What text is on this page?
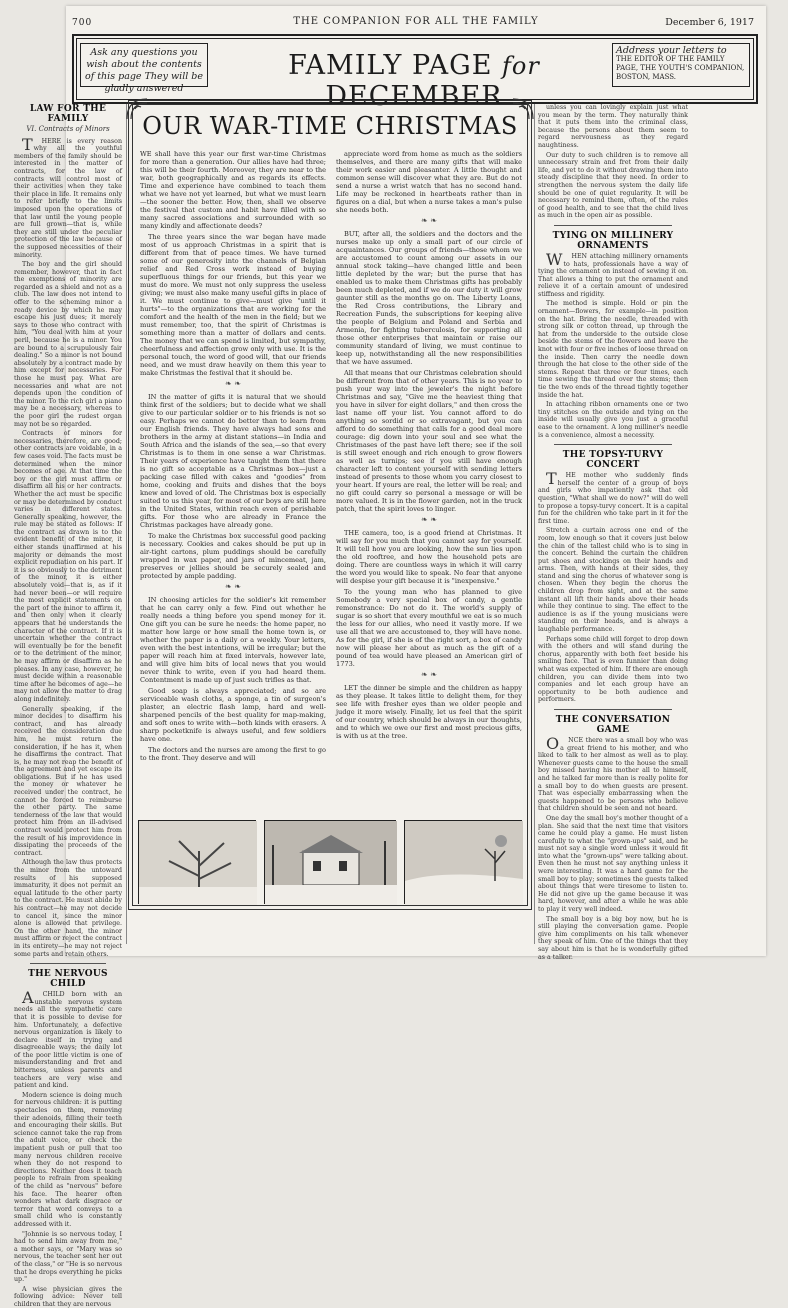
700	THE COMPANION FOR ALL THE FAMILY	December 6, 1917
Ask any questions you wish about the contents of this page They will be gladly answered
FAMILY PAGE for DECEMBER
Address your letters to
THE EDITOR OF THE FAMILY PAGE, THE YOUTH'S COMPANION, BOSTON, MASS.
LAW FOR THE FAMILY
VI. Contracts of Minors

THERE is every reason why all the youthful members of the family should be interested in the matter of contracts, for the law of contracts will control most of their activities when they take their place in life. It remains only to refer briefly to the limits imposed upon the operations of that law until the young people are full grown—that is, while they are still under the peculiar protection of the law because of the supposed necessities of their minority.

The boy and the girl should remember, however, that in fact the exemptions of minority are regarded as a shield and not as a club. The law does not intend to offer to the scheming minor a ready device by which he may escape his just dues; it merely says to those who contract with him, "You deal with him at your peril, because he is a minor. You are bound to a scrupulously fair dealing." So a minor is not bound absolutely by a contract made by him except for necessaries. For those he must pay. What are necessaries and what are not depends upon the condition of the minor. To the rich girl a piano may be a necessary, whereas to the poor girl the rudest organ may not be so regarded.

Contracts of minors for necessaries, therefore, are good; other contracts are voidable, in a few cases void. The facts must be determined when the minor becomes of age. At that time the boy or the girl must affirm or disaffirm all his or her contracts. Whether the act must be specific or may be determined by conduct varies in different states. Generally speaking, however, the rule may be stated as follows: If the contract as drawn is to the evident benefit of the minor, it either stands unaffirmed at his majority or demands the most explicit repudiation on his part. If it is so obviously to the detriment of the minor, it is either absolutely void—that is, as if it had never been—or will require the most explicit statements on the part of the minor to affirm it, and then only when it clearly appears that he understands the character of the contract. If it is uncertain whether the contract will eventually be for the benefit or to the detriment of the minor, he may affirm or disaffirm as he pleases. In any case, however, he must decide within a reasonable time after he becomes of age—he may not allow the matter to drag along indefinitely.

Generally speaking, if the minor decides to disaffirm his contract, and has already received the consideration due him, he must return the consideration, if he has it, when he disaffirms the contract. That is, he may not reap the benefit of the agreement and yet escape its obligations. But if he has used the money or whatever he received under the contract, he cannot be forced to reimburse the other party. The same tenderness of the law that would protect him from an ill-advised contract would protect him from the result of his improvidence in dissipating the proceeds of the contract.

Although the law thus protects the minor from the untoward results of his supposed immaturity, it does not permit an equal latitude to the other party to the contract. He must abide by his contract—he may not decide to cancel it, since the minor alone is allowed that privilege. On the other hand, the minor must affirm or reject the contract in its entirety—he may not reject some parts and retain others.

THE NERVOUS CHILD

ACHILD born with an unstable nervous system needs all the sympathetic care that it is possible to devise for him. Unfortunately, a defective nervous organization is likely to declare itself in trying and disagreeable ways; the daily lot of the poor little victim is one of misunderstanding and fret and bitterness, unless parents and teachers are very wise and patient and kind.

Modern science is doing much for nervous children: it is putting spectacles on them, removing their adenoids, filling their teeth and encouraging their skills. But science cannot take the rap from the adult voice, or check the impatient push or pull that too many nervous children receive when they do not respond to directions. Neither does it teach people to refrain from speaking of the child as "nervous" before his face. The hearer often wonders what dark disgrace or terror that word conveys to a small child who is constantly addressed with it.

"Johnnie is so nervous today, I had to send him away from me," a mother says, or "Mary was so nervous, the teacher sent her out of the class," or "He is so nervous that he drops everything he picks up."

A wise physician gives the following advice: Never tell children that they are nervous

OUR WAR-TIME CHRISTMAS

WE shall have this year our first war-time Christmas for more than a generation. Our allies have had three; this will be their fourth. Moreover, they are near to the war, both geographically and as regards its effects. Time and experience have combined to teach them what we have not yet learned, but what we must learn—the sooner the better. How, then, shall we observe the festival that custom and habit have filled with so many sacred associations and surrounded with so many kindly and affectionate deeds?

The three years since the war began have made most of us approach Christmas in a spirit that is different from that of peace times. We have turned some of our generosity into the channels of Belgian relief and Red Cross work instead of buying superfluous things for our friends, but this year we must do more. We must not only suppress the useless giving; we must also make many useful gifts in place of it. We must continue to give—must give "until it hurts"—to the organizations that are working for the comfort and the health of the men in the field; but we must remember, too, that the spirit of Christmas is something more than a matter of dollars and cents. The money that we can spend is limited, but sympathy, cheerfulness and affection grow only with use. It is the personal touch, the word of good will, that our friends need, and we must draw heavily on them this year to make Christmas the festival that it should be.

❧ ❧

IN the matter of gifts it is natural that we should think first of the soldiers; but to decide what we shall give to our particular soldier or to his friends is not so easy. Perhaps we cannot do better than to learn from our English friends. They have always had sons and brothers in the army at distant stations—in India and South Africa and the islands of the sea,—so that every Christmas is to them in one sense a war Christmas. Their years of experience have taught them that there is no gift so acceptable as a Christmas box—just a packing case filled with cakes and "goodies" from home, cooking and fruits and dishes that the boys knew and loved of old. The Christmas box is especially suited to us this year, for most of our boys are still here in the United States, within reach even of perishable gifts. For those who are already in France the Christmas packages have already gone.

To make the Christmas box successful good packing is necessary. Cookies and cakes should be put up in air-tight cartons, plum puddings should be carefully wrapped in wax paper, and jars of mincemeat, jam, preserves or jellies should be securely sealed and protected by ample padding.

❧ ❧

IN choosing articles for the soldier's kit remember that he can carry only a few. Find out whether he really needs a thing before you spend money for it. One gift you can be sure he needs: the home paper, no matter how large or how small the home town is, or whether the paper is a daily or a weekly. Your letters, even with the best intentions, will be irregular; but the paper will reach him at fixed intervals, however late, and will give him bits of local news that you would never think to write, even if you had heard them. Contentment is made up of just such trifles as that.

Good soap is always appreciated; and so are serviceable wash cloths, a sponge, a tin of surgeon's plaster, an electric flash lamp, hard and well-sharpened pencils of the best quality for map-making, and soft ones to write with—both kinds with erasers. A sharp pocketknife is always useful, and few soldiers have one.

The doctors and the nurses are among the first to go to the front. They deserve and will

appreciate word from home as much as the soldiers themselves, and there are many gifts that will make their work easier and pleasanter. A little thought and common sense will discover what they are. But do not send a nurse a wrist watch that has no second hand. Life may be reckoned in heartbeats rather than in figures on a dial, but when a nurse takes a man's pulse she needs both.

❧ ❧

BUT, after all, the soldiers and the doctors and the nurses make up only a small part of our circle of acquaintances. Our groups of friends—those whom we are accustomed to count among our assets in our annual stock taking—have changed little and been little depleted by the war; but the purse that has enabled us to make them Christmas gifts has probably been much depleted, and if we do our duty it will grow gaunter still as the months go on. The Liberty Loans, the Red Cross contributions, the Library and Recreation Funds, the subscriptions for keeping alive the people of Belgium and Poland and Serbia and Armenia, for fighting tuberculosis, for supporting all those other enterprises that maintain or raise our community standard of living, we must continue to keep up, notwithstanding all the new responsibilities that we have assumed.

All that means that our Christmas celebration should be different from that of other years. This is no year to push your way into the jeweler's the night before Christmas and say, "Give me the heaviest thing that you have in silver for eight dollars," and then cross the last name off your list. You cannot afford to do anything so sordid or so extravagant, but you can afford to do something that calls for a good deal more courage: dig down into your soul and see what the Christmases of the past have left there; see if the soil is still sweet enough and rich enough to grow flowers as well as turnips; see if you still have enough character left to content yourself with sending letters instead of presents to those whom you carry closest to your heart. If yours are real, the letter will be real; and no gift could carry so personal a message or will be more valued. It is in the flower garden, not in the truck patch, that the spirit loves to linger.

❧ ❧

THE camera, too, is a good friend at Christmas. It will say for you much that you cannot say for yourself. It will tell how you are looking, how the sun lies upon the old rooftree, and how the household pets are doing. There are countless ways in which it will carry the word you would like to speak. No fear that anyone will despise your gift because it is "inexpensive."

To the young man who has planned to give Somebody a very special box of candy, a gentle remonstrance: Do not do it. The world's supply of sugar is so short that every mouthful we eat is so much the less for our allies, who need it vastly more. If we use all that we are accustomed to, they will have none. As for the girl, if she is of the right sort, a box of candy now will please her about as much as the gift of a pound of tea would have pleased an American girl of 1773.

❧ ❧

LET the dinner be simple and the children as happy as they please. It takes little to delight them, for they see life with fresher eyes than we older people and judge it more wisely. Finally, let us feel that the spirit of our country, which should be always in our thoughts, and to which we owe our first and most precious gifts, is with us at the tree.

unless you can lovingly explain just what you mean by the term. They naturally think that it puts them into the criminal class, because the persons about them seem to regard nervousness as they regard naughtiness.

Our duty to such children is to remove all unnecessary strain and fret from their daily life, and yet to do it without drawing them into steady discipline that they need. In order to strengthen the nervous system the daily life should be one of quiet regularity. It will be necessary to remind them, often, of the rules of good health, and to see that the child lives as much in the open air as possible.

TYING ON MILLINERY ORNAMENTS

WHEN attaching millinery ornaments to hats, professionals have a way of tying the ornament on instead of sewing it on. That allows a thing to put the ornament and relieve it of a certain amount of undesired stiffness and rigidity.

The method is simple. Hold or pin the ornament—flowers, for example—in position on the hat. Bring the needle, threaded with strong silk or cotton thread, up through the hat from the underside to the outside close beside the stems of the flowers and leave the knot with four or five inches of loose thread on the inside. Then carry the needle down through the hat close to the other side of the stems. Repeat that three or four times, each time sewing the thread over the stems; then tie the two ends of the thread tightly together inside the hat.

In attaching ribbon ornaments one or two tiny stitches on the outside and tying on the inside will usually give you just a graceful ease to the ornament. A long milliner's needle is a convenience, almost a necessity.

THE TOPSY-TURVY CONCERT

THE mother who suddenly finds herself the center of a group of boys and girls who impatiently ask that old question, "What shall we do now?" will do well to propose a topsy-turvy concert. It is a capital fun for the children who take part in it for the first time.

Stretch a curtain across one end of the room, low enough so that it covers just below the chin of the tallest child who is to sing in the concert. Behind the curtain the children put shoes and stockings on their hands and arms. Then, with hands at their sides, they stand and sing the chorus of whatever song is chosen. When they begin the chorus the children drop from sight, and at the same instant all lift their hands above their heads while they continue to sing. The effect to the audience is as if the young musicians were standing on their heads, and is always a laughable performance.

Perhaps some child will forget to drop down with the others and will stand during the chorus, apparently with both feet beside his smiling face. That is even funnier than doing what was expected of him. If there are enough children, you can divide them into two companies and let each group have an opportunity to be both audience and performers.

THE CONVERSATION GAME

ONCE there was a small boy who was a great friend to his mother, and who liked to talk to her almost as well as to play. Whenever guests came to the house the small boy missed having his mother all to himself, and he talked far more than is really polite for a small boy to do when guests are present. That was especially embarrassing when the guests happened to be persons who believe that children should be seen and not heard.

One day the small boy's mother thought of a plan. She said that the next time that visitors came he could play a game. He must listen carefully to what the "grown-ups" said, and he must not say a single word unless it would fit into what the "grown-ups" were talking about. Even then he must not say anything unless it were interesting. It was a hard game for the small boy to play; sometimes the guests talked about things that were tiresome to listen to. He did not give up the game because it was hard, however, and after a while he was able to play it very well indeed.

The small boy is a big boy now, but he is still playing the conversation game. People give him compliments on his talk whenever they speak of him. One of the things that they say about him is that he is wonderfully gifted as a talker.
